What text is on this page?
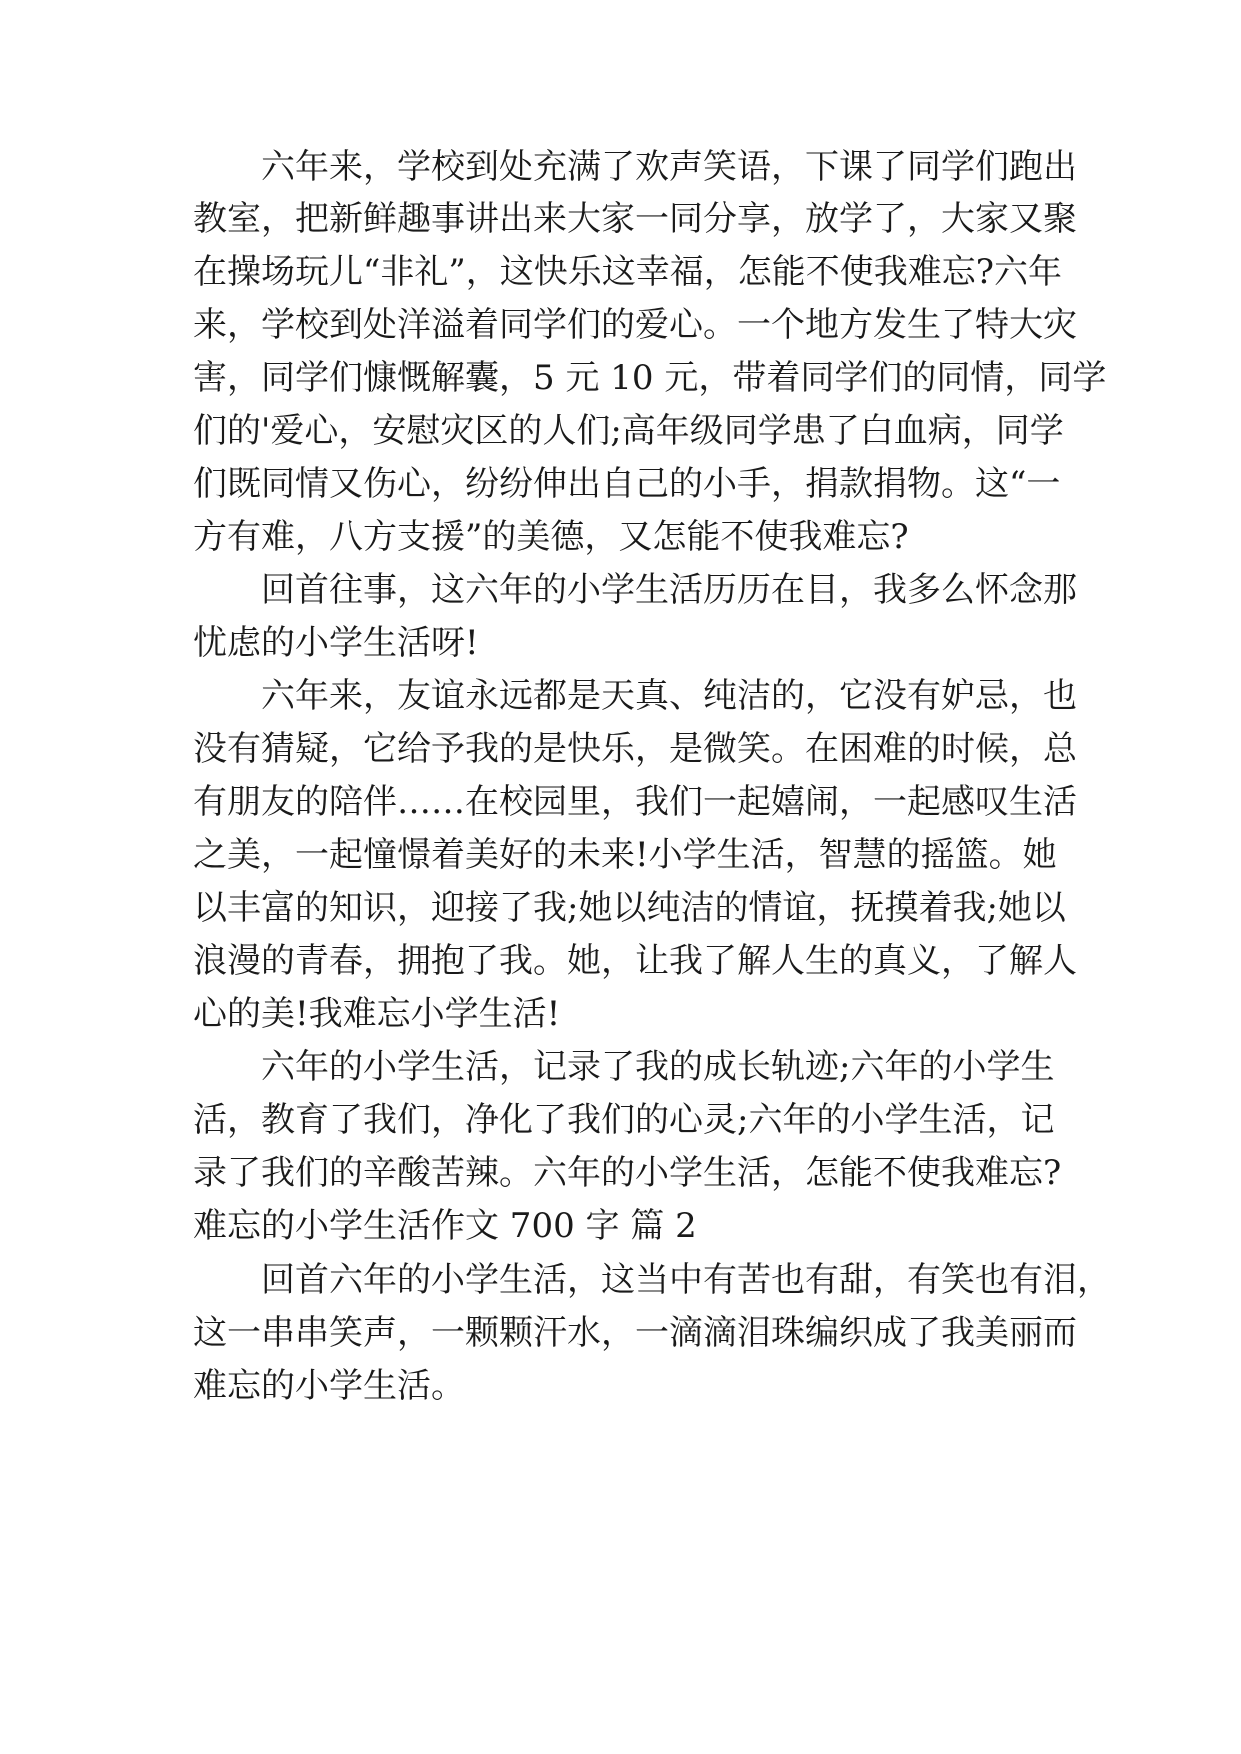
六年来，学校到处充满了欢声笑语，下课了同学们跑出

教室，把新鲜趣事讲出来大家一同分享，放学了，大家又聚

在操场玩儿“非礼”，这快乐这幸福，怎能不使我难忘?六年

来，学校到处洋溢着同学们的爱心。一个地方发生了特大灾

害，同学们慷慨解囊，5 元 10 元，带着同学们的同情，同学

们的'爱心，安慰灾区的人们;高年级同学患了白血病，同学

们既同情又伤心，纷纷伸出自己的小手，捐款捐物。这“一

方有难，八方支援”的美德，又怎能不使我难忘?

回首往事，这六年的小学生活历历在目，我多么怀念那

忧虑的小学生活呀!

六年来，友谊永远都是天真、纯洁的，它没有妒忌，也

没有猜疑，它给予我的是快乐，是微笑。在困难的时候，总

有朋友的陪伴……在校园里，我们一起嬉闹，一起感叹生活

之美，一起憧憬着美好的未来!小学生活，智慧的摇篮。她

以丰富的知识，迎接了我;她以纯洁的情谊，抚摸着我;她以

浪漫的青春，拥抱了我。她，让我了解人生的真义，了解人

心的美!我难忘小学生活!

六年的小学生活，记录了我的成长轨迹;六年的小学生

活，教育了我们，净化了我们的心灵;六年的小学生活，记

录了我们的辛酸苦辣。六年的小学生活，怎能不使我难忘?

难忘的小学生活作文 700 字 篇 2

回首六年的小学生活，这当中有苦也有甜，有笑也有泪，

这一串串笑声，一颗颗汗水，一滴滴泪珠编织成了我美丽而

难忘的小学生活。
